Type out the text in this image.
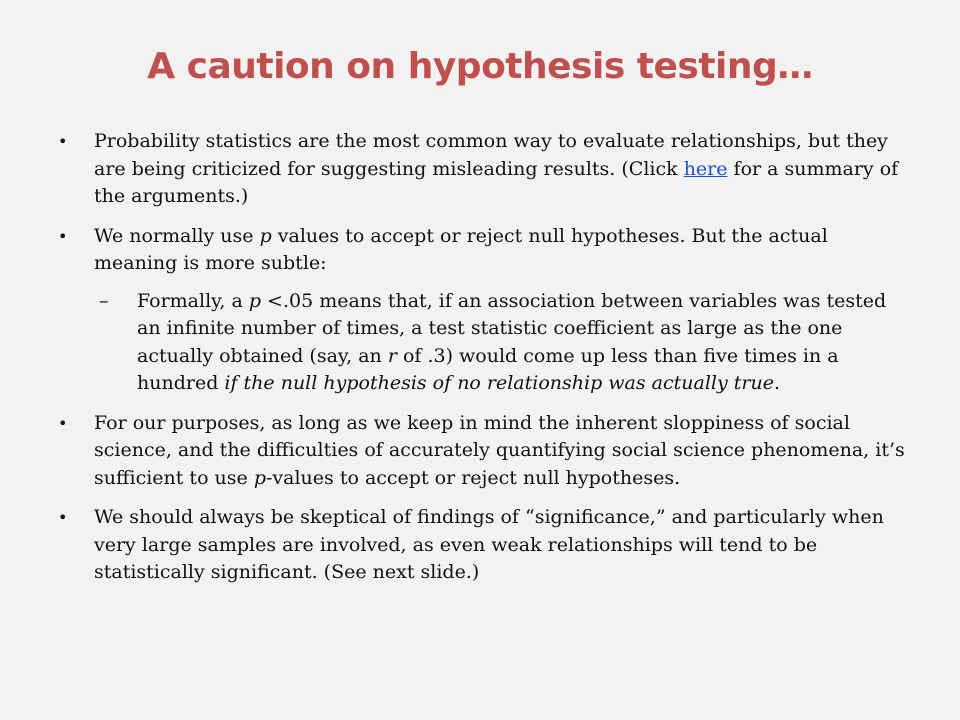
A caution on hypothesis testing…

•	Probability statistics are the most common way to evaluate relationships, but they are being criticized for suggesting misleading results. (Click here for a summary of the arguments.)

•	We normally use p values to accept or reject null hypotheses. But the actual meaning is more subtle:

–	Formally, a p <.05 means that, if an association between variables was tested an infinite number of times, a test statistic coefficient as large as the one actually obtained (say, an r of .3) would come up less than five times in a hundred if the null hypothesis of no relationship was actually true.

•	For our purposes, as long as we keep in mind the inherent sloppiness of social science, and the difficulties of accurately quantifying social science phenomena, it’s sufficient to use p-values to accept or reject null hypotheses.

•	We should always be skeptical of findings of “significance,” and particularly when very large samples are involved, as even weak relationships will tend to be statistically significant. (See next slide.)
